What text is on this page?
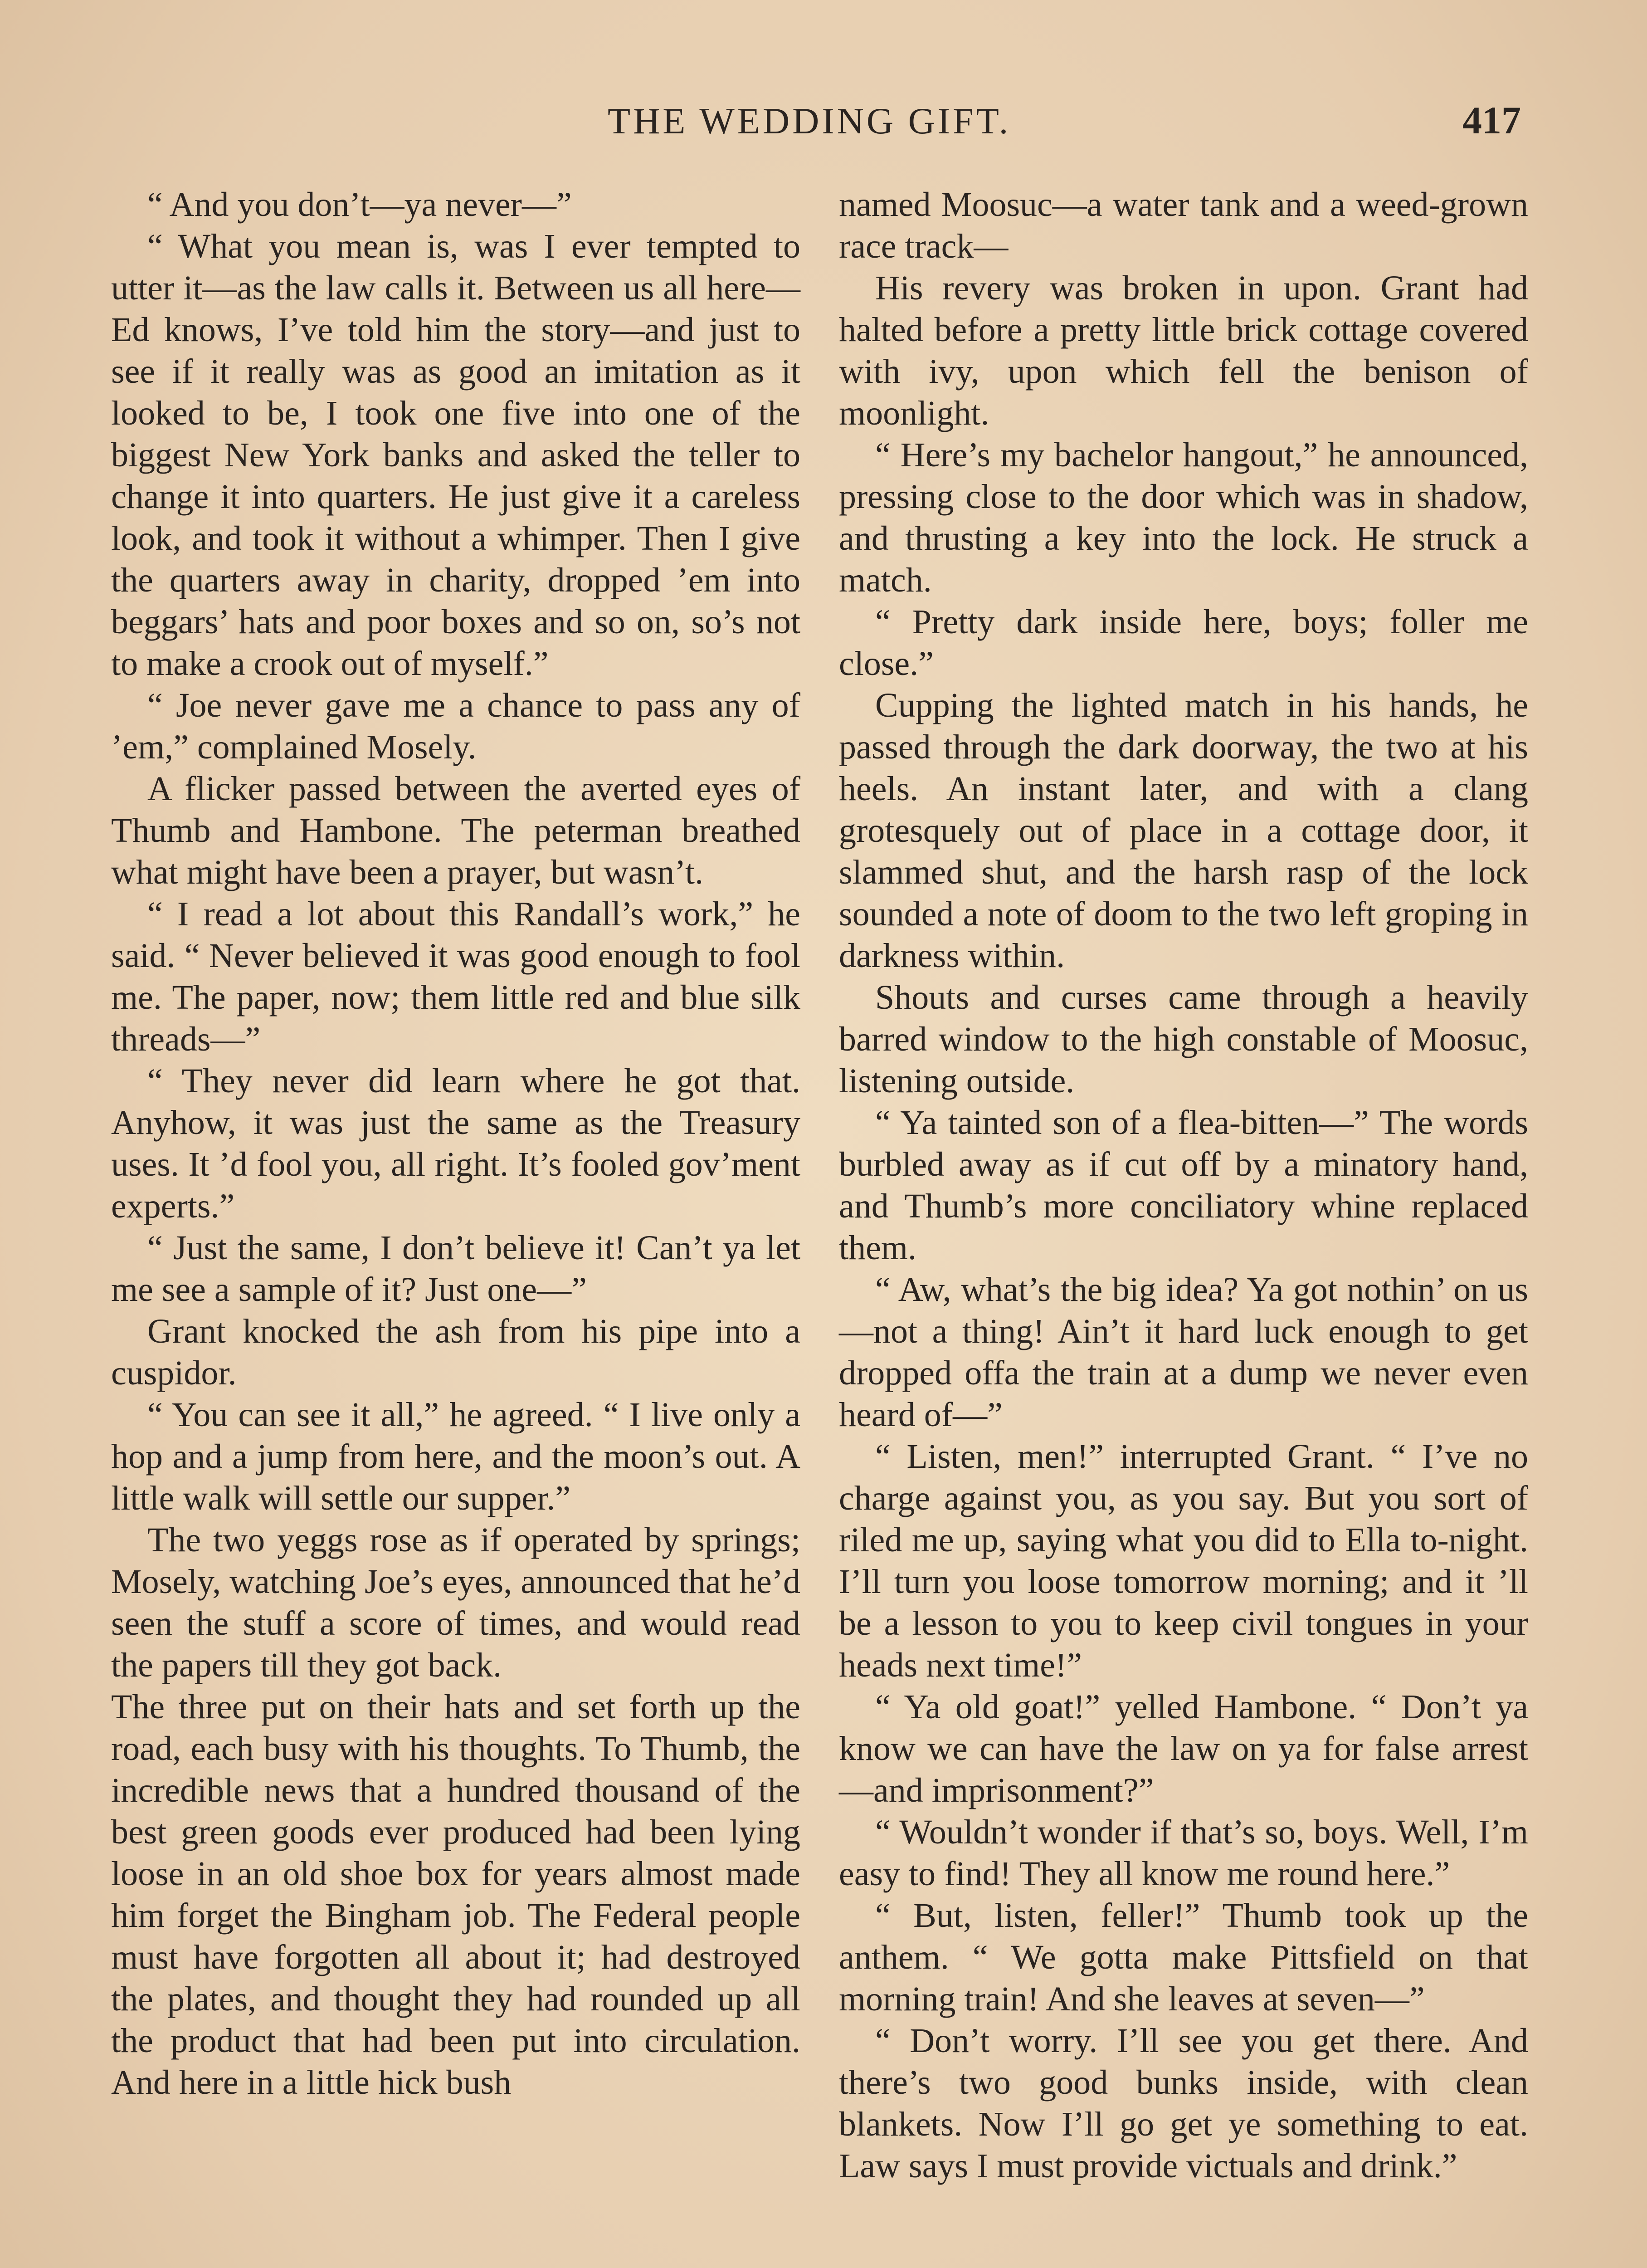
THE WEDDING GIFT.	417

“ And you don’t—ya never—”

“ What you mean is, was I ever tempted to utter it—as the law calls it. Between us all here—Ed knows, I’ve told him the story—and just to see if it really was as good an imitation as it looked to be, I took one five into one of the biggest New York banks and asked the teller to change it into quarters. He just give it a careless look, and took it without a whimper. Then I give the quarters away in charity, dropped ’em into beggars’ hats and poor boxes and so on, so’s not to make a crook out of myself.”

“ Joe never gave me a chance to pass any of ’em,” complained Mosely.

A flicker passed between the averted eyes of Thumb and Hambone. The peterman breathed what might have been a prayer, but wasn’t.

“ I read a lot about this Randall’s work,” he said. “ Never believed it was good enough to fool me. The paper, now; them little red and blue silk threads—”

“ They never did learn where he got that. Anyhow, it was just the same as the Treasury uses. It ’d fool you, all right. It’s fooled gov’ment experts.”

“ Just the same, I don’t believe it! Can’t ya let me see a sample of it? Just one—”

Grant knocked the ash from his pipe into a cuspidor.

“ You can see it all,” he agreed. “ I live only a hop and a jump from here, and the moon’s out. A little walk will settle our supper.”

The two yeggs rose as if operated by springs; Mosely, watching Joe’s eyes, announced that he’d seen the stuff a score of times, and would read the papers till they got back.

The three put on their hats and set forth up the road, each busy with his thoughts. To Thumb, the incredible news that a hundred thousand of the best green goods ever produced had been lying loose in an old shoe box for years almost made him forget the Bingham job. The Federal people must have forgotten all about it; had destroyed the plates, and thought they had rounded up all the product that had been put into circulation. And here in a little hick bush

named Moosuc—a water tank and a weed-grown race track—

His revery was broken in upon. Grant had halted before a pretty little brick cottage covered with ivy, upon which fell the benison of moonlight.

“ Here’s my bachelor hangout,” he announced, pressing close to the door which was in shadow, and thrusting a key into the lock. He struck a match.

“ Pretty dark inside here, boys; foller me close.”

Cupping the lighted match in his hands, he passed through the dark doorway, the two at his heels. An instant later, and with a clang grotesquely out of place in a cottage door, it slammed shut, and the harsh rasp of the lock sounded a note of doom to the two left groping in darkness within.

Shouts and curses came through a heavily barred window to the high constable of Moosuc, listening outside.

“ Ya tainted son of a flea-bitten—” The words burbled away as if cut off by a minatory hand, and Thumb’s more conciliatory whine replaced them.

“ Aw, what’s the big idea? Ya got nothin’ on us—not a thing! Ain’t it hard luck enough to get dropped offa the train at a dump we never even heard of—”

“ Listen, men!” interrupted Grant. “ I’ve no charge against you, as you say. But you sort of riled me up, saying what you did to Ella to-night. I’ll turn you loose tomorrow morning; and it ’ll be a lesson to you to keep civil tongues in your heads next time!”

“ Ya old goat!” yelled Hambone. “ Don’t ya know we can have the law on ya for false arrest—and imprisonment?”

“ Wouldn’t wonder if that’s so, boys. Well, I’m easy to find! They all know me round here.”

“ But, listen, feller!” Thumb took up the anthem. “ We gotta make Pittsfield on that morning train! And she leaves at seven—”

“ Don’t worry. I’ll see you get there. And there’s two good bunks inside, with clean blankets. Now I’ll go get ye something to eat. Law says I must provide victuals and drink.”
